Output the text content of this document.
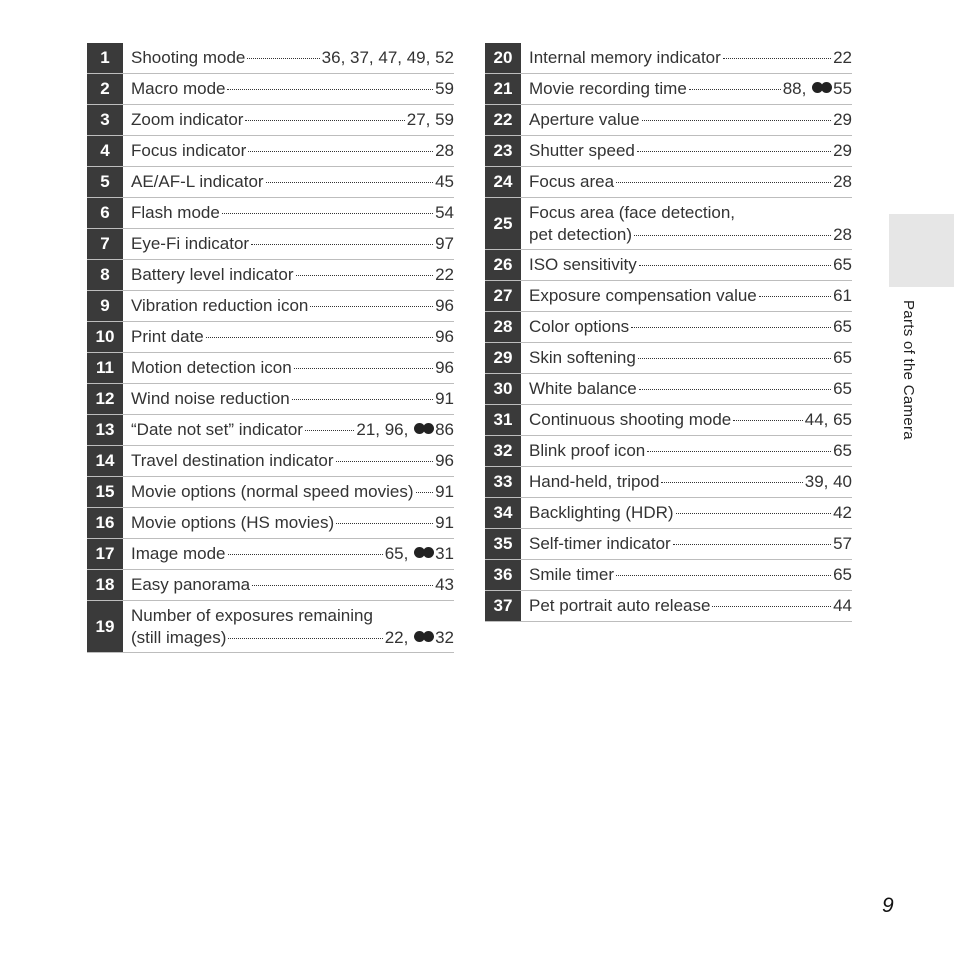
1	Shooting mode	36, 37, 47, 49, 52
2	Macro mode	59
3	Zoom indicator	27, 59
4	Focus indicator	28
5	AE/AF-L indicator	45
6	Flash mode	54
7	Eye-Fi indicator	97
8	Battery level indicator	22
9	Vibration reduction icon	96
10 Print date	96
11	Motion detection icon	96
12 Wind noise reduction	91
13 “Date not set” indicator	21, 96, 86
14 Travel destination indicator	96
15 Movie options (normal speed movies) 91
16 Movie options (HS movies)	91
17 Image mode	65, 31
18 Easy panorama	43
19
Number of exposures remaining
(still images)	22, 32
20 Internal memory indicator	22
21 Movie recording time	88, 55
22 Aperture value	29
23 Shutter speed	29
24 Focus area	28
25
Focus area (face detection,
pet detection)	28
26 ISO sensitivity	65
27 Exposure compensation value	61
28 Color options	65
29 Skin softening	65
30 White balance	65
31 Continuous shooting mode	44, 65
32 Blink proof icon	65
33 Hand-held, tripod	39, 40
34 Backlighting (HDR)	42
35 Self-timer indicator	57
36 Smile timer	65
37 Pet portrait auto release	44
Parts of the Camera
9
